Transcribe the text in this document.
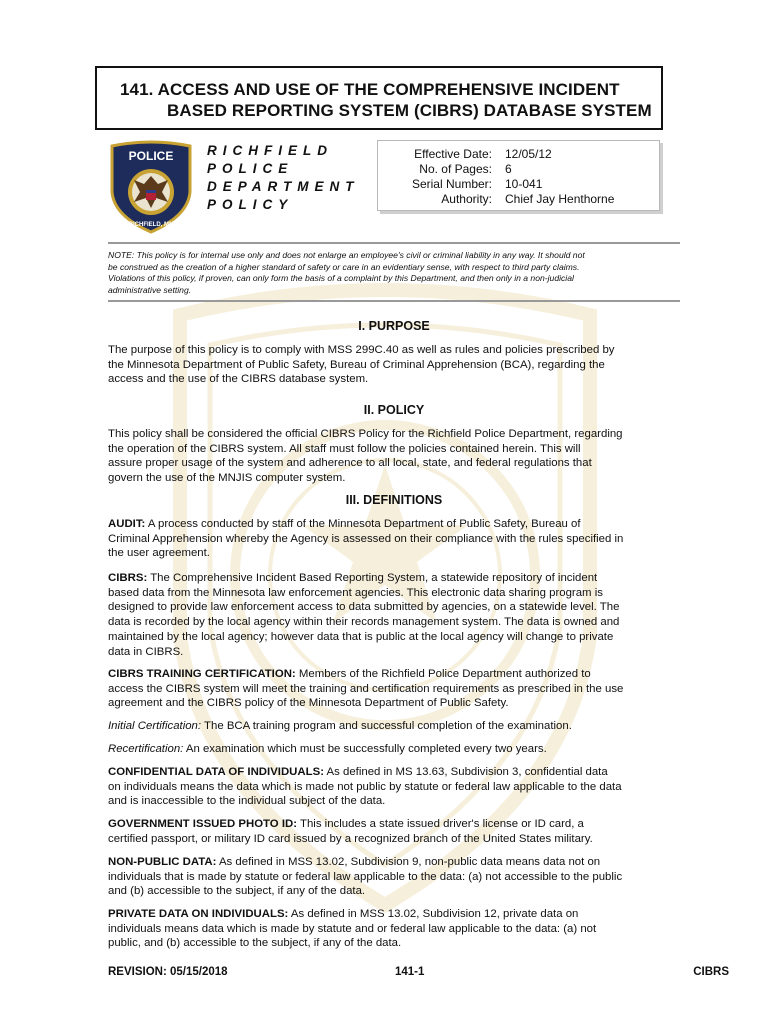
141. ACCESS AND USE OF THE COMPREHENSIVE INCIDENT
BASED REPORTING SYSTEM (CIBRS) DATABASE SYSTEM
POLICE
RICHFIELD, MN
RICHFIELD
POLICE
DEPARTMENT
POLICY
Effective Date: 12/05/12
No. of Pages: 6
Serial Number: 10-041
Authority: Chief Jay Henthorne
NOTE: This policy is for internal use only and does not enlarge an employee's civil or criminal liability in any way. It should not
be construed as the creation of a higher standard of safety or care in an evidentiary sense, with respect to third party claims.
Violations of this policy, if proven, can only form the basis of a complaint by this Department, and then only in a non-judicial
administrative setting.
I. PURPOSE
The purpose of this policy is to comply with MSS 299C.40 as well as rules and policies prescribed by
the Minnesota Department of Public Safety, Bureau of Criminal Apprehension (BCA), regarding the
access and the use of the CIBRS database system.
II. POLICY
This policy shall be considered the official CIBRS Policy for the Richfield Police Department, regarding
the operation of the CIBRS system. All staff must follow the policies contained herein. This will
assure proper usage of the system and adherence to all local, state, and federal regulations that
govern the use of the MNJIS computer system.
III. DEFINITIONS
AUDIT: A process conducted by staff of the Minnesota Department of Public Safety, Bureau of
Criminal Apprehension whereby the Agency is assessed on their compliance with the rules specified in
the user agreement.
CIBRS: The Comprehensive Incident Based Reporting System, a statewide repository of incident
based data from the Minnesota law enforcement agencies. This electronic data sharing program is
designed to provide law enforcement access to data submitted by agencies, on a statewide level. The
data is recorded by the local agency within their records management system. The data is owned and
maintained by the local agency; however data that is public at the local agency will change to private
data in CIBRS.
CIBRS TRAINING CERTIFICATION: Members of the Richfield Police Department authorized to
access the CIBRS system will meet the training and certification requirements as prescribed in the use
agreement and the CIBRS policy of the Minnesota Department of Public Safety.
Initial Certification: The BCA training program and successful completion of the examination.
Recertification: An examination which must be successfully completed every two years.
CONFIDENTIAL DATA OF INDIVIDUALS: As defined in MS 13.63, Subdivision 3, confidential data
on individuals means the data which is made not public by statute or federal law applicable to the data
and is inaccessible to the individual subject of the data.
GOVERNMENT ISSUED PHOTO ID: This includes a state issued driver's license or ID card, a
certified passport, or military ID card issued by a recognized branch of the United States military.
NON-PUBLIC DATA: As defined in MSS 13.02, Subdivision 9, non-public data means data not on
individuals that is made by statute or federal law applicable to the data: (a) not accessible to the public
and (b) accessible to the subject, if any of the data.
PRIVATE DATA ON INDIVIDUALS: As defined in MSS 13.02, Subdivision 12, private data on
individuals means data which is made by statute and or federal law applicable to the data: (a) not
public, and (b) accessible to the subject, if any of the data.
REVISION: 05/15/2018	141-1	CIBRS
